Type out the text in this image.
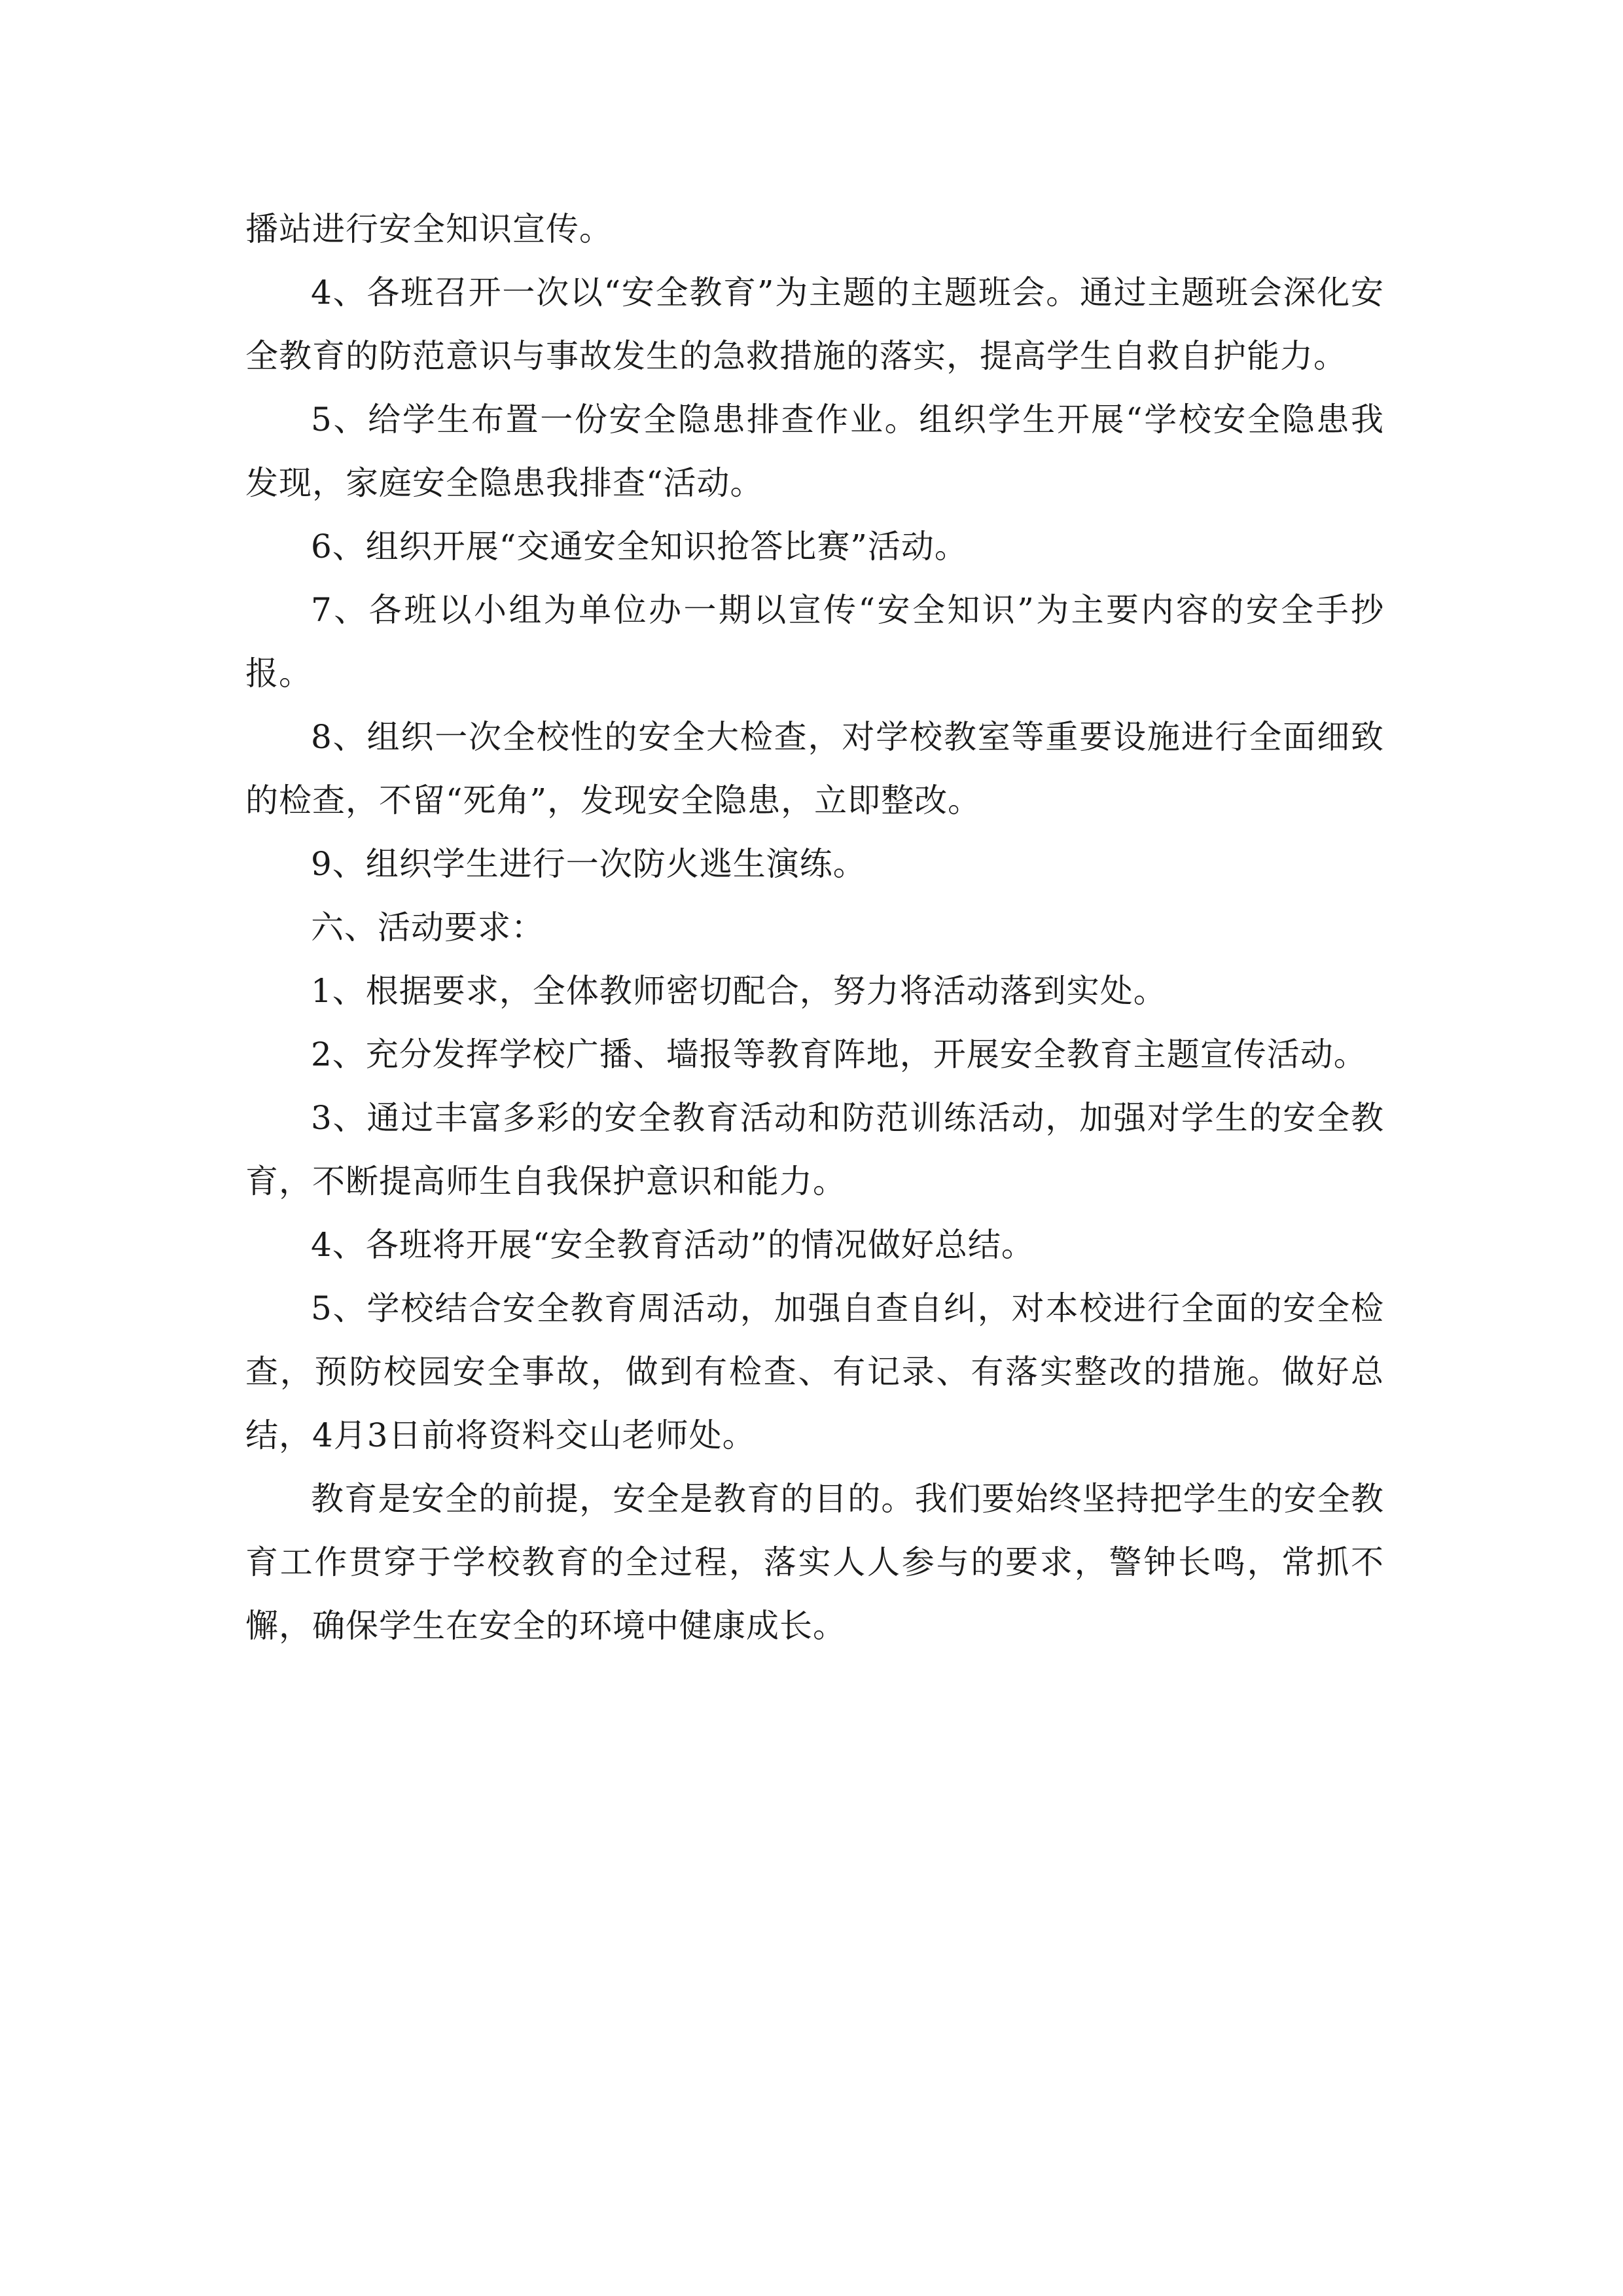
播站进行安全知识宣传。

4、各班召开一次以“安全教育”为主题的主题班会。通过主题班会深化安全教育的防范意识与事故发生的急救措施的落实，提高学生自救自护能力。

5、给学生布置一份安全隐患排查作业。组织学生开展“学校安全隐患我发现，家庭安全隐患我排查“活动。

6、组织开展“交通安全知识抢答比赛”活动。

7、各班以小组为单位办一期以宣传“安全知识”为主要内容的安全手抄报。

8、组织一次全校性的安全大检查，对学校教室等重要设施进行全面细致的检查，不留“死角”，发现安全隐患，立即整改。

9、组织学生进行一次防火逃生演练。

六、活动要求：

1、根据要求，全体教师密切配合，努力将活动落到实处。

2、充分发挥学校广播、墙报等教育阵地，开展安全教育主题宣传活动。

3、通过丰富多彩的安全教育活动和防范训练活动，加强对学生的安全教育，不断提高师生自我保护意识和能力。

4、各班将开展“安全教育活动”的情况做好总结。

5、学校结合安全教育周活动，加强自查自纠，对本校进行全面的安全检查，预防校园安全事故，做到有检查、有记录、有落实整改的措施。做好总结，4月3日前将资料交山老师处。

教育是安全的前提，安全是教育的目的。我们要始终坚持把学生的安全教育工作贯穿于学校教育的全过程，落实人人参与的要求，警钟长鸣，常抓不懈，确保学生在安全的环境中健康成长。
